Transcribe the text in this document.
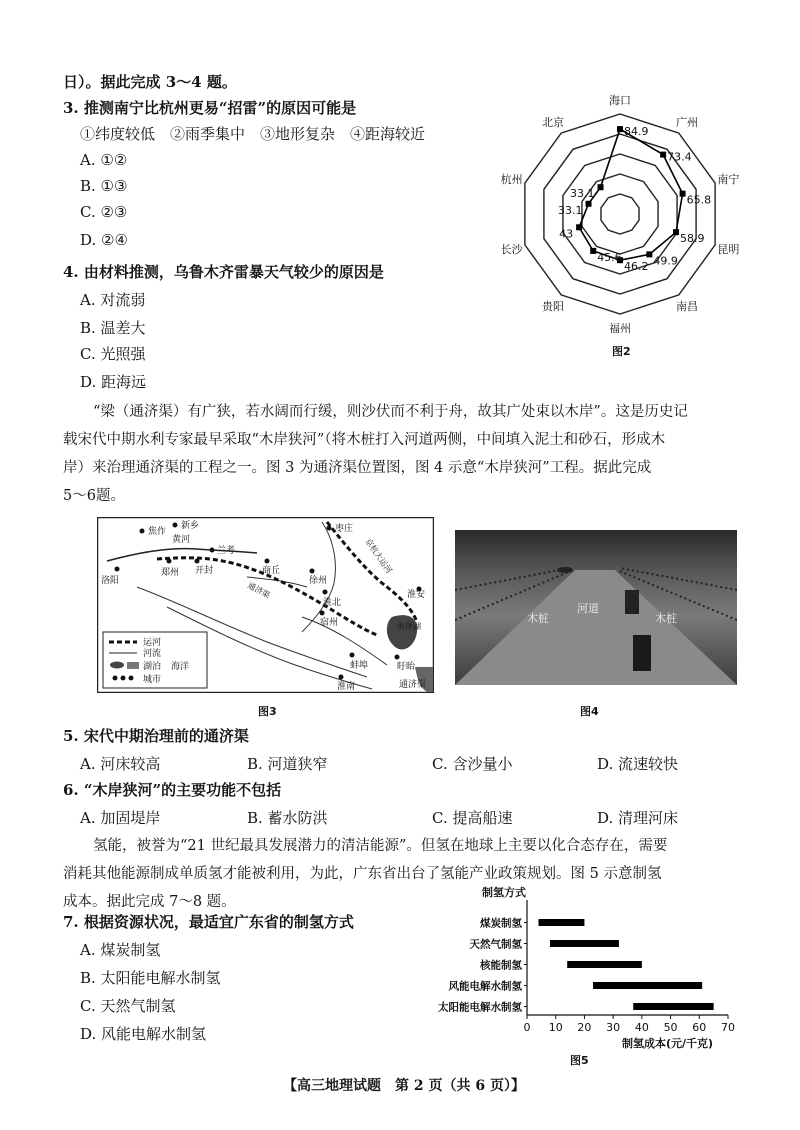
日）。据此完成 3～4 题。
3. 推测南宁比杭州更易“招雷”的原因可能是
①纬度较低　②雨季集中　③地形复杂　④距海较近
A. ①②
B. ①③
C. ②③
D. ②④
4. 由材料推测，乌鲁木齐雷暴天气较少的原因是
A. 对流弱
B. 温差大
C. 光照强
D. 距海远
海口
广州
南宁
昆明
南昌
福州
贵阳
长沙
杭州
北京
84.9
73.4
65.8
58.9
49.9
46.2
45.6
43
33.1
33.1
图2
“梁（通济渠）有广狭，若水阔而行缓，则沙伏而不利于舟，故其广处束以木岸”。这是历史记
载宋代中期水利专家最早采取“木岸狭河”（将木桩打入河道两侧，中间填入泥土和砂石，形成木
岸）来治理通济渠的工程之一。图 3 为通济渠位置图，图 4 示意“木岸狭河”工程。据此完成
5～6题。
焦作
新乡
黄河
枣庄
兰考
郑州 开封	商丘
徐州
京杭大运河
洛阳	通济渠
淮北
淮安
宿州	洪泽湖
蚌埠	盱眙
淮南	通济渠
运河
河流
湖泊 海洋
城市
图3
木桩
河道
木桩
图4
5. 宋代中期治理前的通济渠
A. 河床较高	B. 河道狭窄	C. 含沙量小	D. 流速较快
6. “木岸狭河”的主要功能不包括
A. 加固堤岸	B. 蓄水防洪	C. 提高船速	D. 清理河床
氢能，被誉为“21 世纪最具发展潜力的清洁能源”。但氢在地球上主要以化合态存在，需要
消耗其他能源制成单质氢才能被利用，为此，广东省出台了氢能产业政策规划。图 5 示意制氢
成本。据此完成 7～8 题。
7. 根据资源状况，最适宜广东省的制氢方式
A. 煤炭制氢
B. 太阳能电解水制氢
C. 天然气制氢
D. 风能电解水制氢
制氢方式
煤炭制氢
天然气制氢
核能制氢
风能电解水制氢
太阳能电解水制氢
0 10 20 30 40 50 60 70
制氢成本(元/千克)
图5
【高三地理试题　第 2 页（共 6 页）】
